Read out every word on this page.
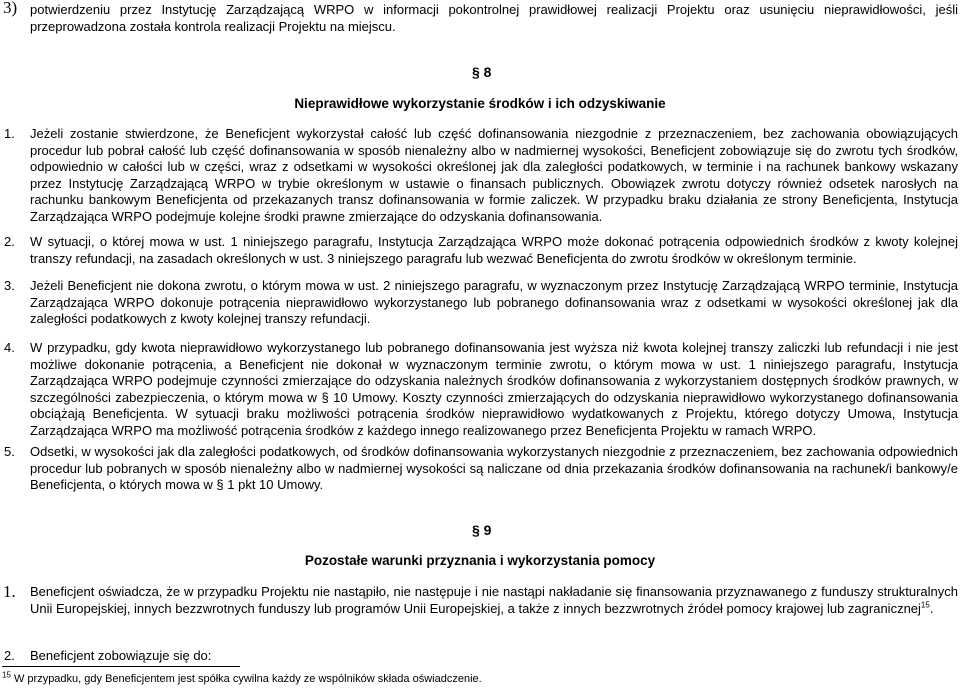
3) potwierdzeniu przez Instytucję Zarządzającą WRPO w informacji pokontrolnej prawidłowej realizacji Projektu oraz usunięciu nieprawidłowości, jeśli przeprowadzona została kontrola realizacji Projektu na miejscu.
§ 8
Nieprawidłowe wykorzystanie środków i ich odzyskiwanie
1. Jeżeli zostanie stwierdzone, że Beneficjent wykorzystał całość lub część dofinansowania niezgodnie z przeznaczeniem, bez zachowania obowiązujących procedur lub pobrał całość lub część dofinansowania w sposób nienależny albo w nadmiernej wysokości, Beneficjent zobowiązuje się do zwrotu tych środków, odpowiednio w całości lub w części, wraz z odsetkami w wysokości określonej jak dla zaległości podatkowych, w terminie i na rachunek bankowy wskazany przez Instytucję Zarządzającą WRPO w trybie określonym w ustawie o finansach publicznych. Obowiązek zwrotu dotyczy również odsetek narosłych na rachunku bankowym Beneficjenta od przekazanych transz dofinansowania w formie zaliczek. W przypadku braku działania ze strony Beneficjenta, Instytucja Zarządzająca WRPO podejmuje kolejne środki prawne zmierzające do odzyskania dofinansowania.
2. W sytuacji, o której mowa w ust. 1 niniejszego paragrafu, Instytucja Zarządzająca WRPO może dokonać potrącenia odpowiednich środków z kwoty kolejnej transzy refundacji, na zasadach określonych w ust. 3 niniejszego paragrafu lub wezwać Beneficjenta do zwrotu środków w określonym terminie.
3. Jeżeli Beneficjent nie dokona zwrotu, o którym mowa w ust. 2 niniejszego paragrafu, w wyznaczonym przez Instytucję Zarządzającą WRPO terminie, Instytucja Zarządzająca WRPO dokonuje potrącenia nieprawidłowo wykorzystanego lub pobranego dofinansowania wraz z odsetkami w wysokości określonej jak dla zaległości podatkowych z kwoty kolejnej transzy refundacji.
4. W przypadku, gdy kwota nieprawidłowo wykorzystanego lub pobranego dofinansowania jest wyższa niż kwota kolejnej transzy zaliczki lub refundacji i nie jest możliwe dokonanie potrącenia, a Beneficjent nie dokonał w wyznaczonym terminie zwrotu, o którym mowa w ust. 1 niniejszego paragrafu, Instytucja Zarządzająca WRPO podejmuje czynności zmierzające do odzyskania należnych środków dofinansowania z wykorzystaniem dostępnych środków prawnych, w szczególności zabezpieczenia, o którym mowa w § 10 Umowy. Koszty czynności zmierzających do odzyskania nieprawidłowo wykorzystanego dofinansowania obciążają Beneficjenta. W sytuacji braku możliwości potrącenia środków nieprawidłowo wydatkowanych z Projektu, którego dotyczy Umowa, Instytucja Zarządzająca WRPO ma możliwość potrącenia środków z każdego innego realizowanego przez Beneficjenta Projektu w ramach WRPO.
5. Odsetki, w wysokości jak dla zaległości podatkowych, od środków dofinansowania wykorzystanych niezgodnie z przeznaczeniem, bez zachowania odpowiednich procedur lub pobranych w sposób nienależny albo w nadmiernej wysokości są naliczane od dnia przekazania środków dofinansowania na rachunek/i bankowy/e Beneficjenta, o których mowa w § 1 pkt 10 Umowy.
§ 9
Pozostałe warunki przyznania i wykorzystania pomocy
1. Beneficjent oświadcza, że w przypadku Projektu nie nastąpiło, nie następuje i nie nastąpi nakładanie się finansowania przyznawanego z funduszy strukturalnych Unii Europejskiej, innych bezzwrotnych funduszy lub programów Unii Europejskiej, a także z innych bezzwrotnych źródeł pomocy krajowej lub zagranicznej$^{15}$.
2. Beneficjent zobowiązuje się do:
$^{15}$ W przypadku, gdy Beneficjentem jest spółka cywilna każdy ze wspólników składa oświadczenie.
